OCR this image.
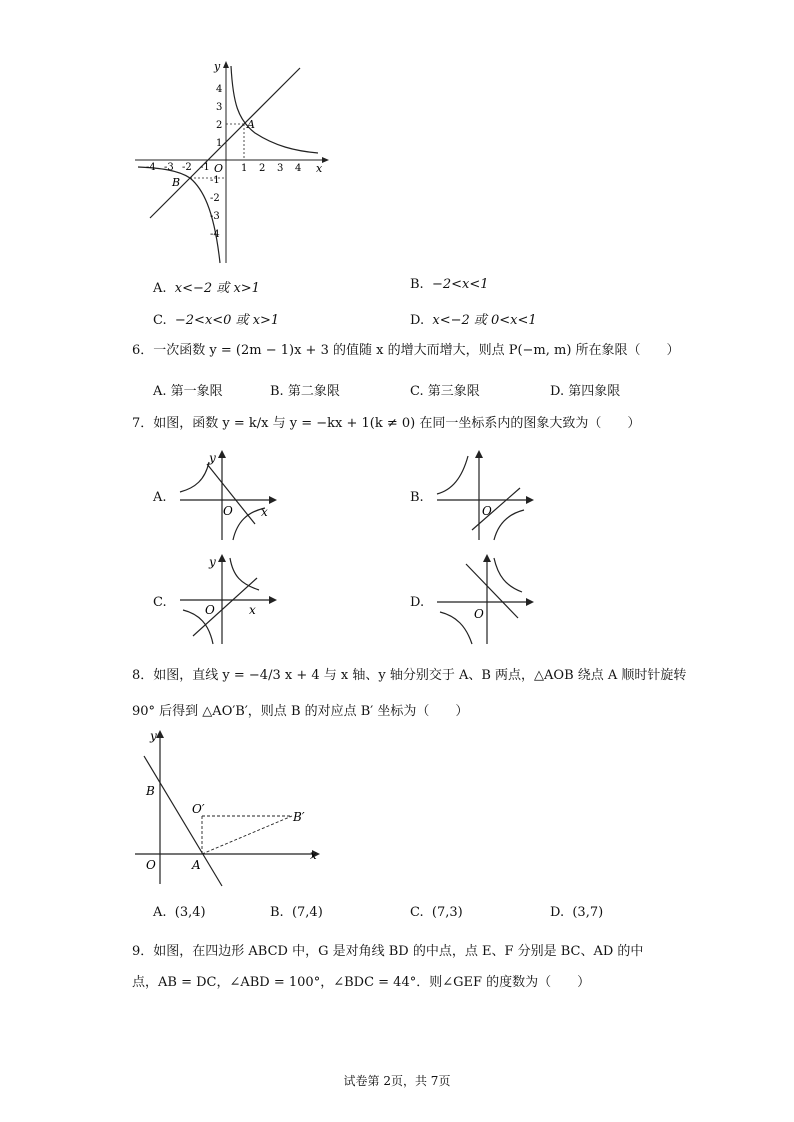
y
x
O
-4 -3 -2 -1	1 2 3 4
4
3
2
1
-1
-2
-3
-4
A
B
A. x<−2 或 x>1	B. −2<x<1
C. −2<x<0 或 x>1	D. x<−2 或 0<x<1
6．一次函数 y = (2m − 1)x + 3 的值随 x 的增大而增大，则点 P(−m, m) 所在象限（　　）
A. 第一象限	B. 第二象限	C. 第三象限	D. 第四象限
7．如图，函数 y = k/x 与 y = −kx + 1(k ≠ 0) 在同一坐标系内的图象大致为（　　）
A.
y
O x
B.
O
C.
y
O	x	D.
O
8．如图，直线 y = −4/3 x + 4 与 x 轴、y 轴分别交于 A、B 两点，△AOB 绕点 A 顺时针旋转
90° 后得到 △AO′B′，则点 B 的对应点 B′ 坐标为（　　）
y
x
O	A
B
O′
B′
A. (3,4)	B. (7,4)	C. (7,3)	D. (3,7)
9．如图，在四边形 ABCD 中，G 是对角线 BD 的中点，点 E、F 分别是 BC、AD 的中
点，AB = DC，∠ABD = 100°，∠BDC = 44°．则∠GEF 的度数为（　　）
试卷第 2页，共 7页
